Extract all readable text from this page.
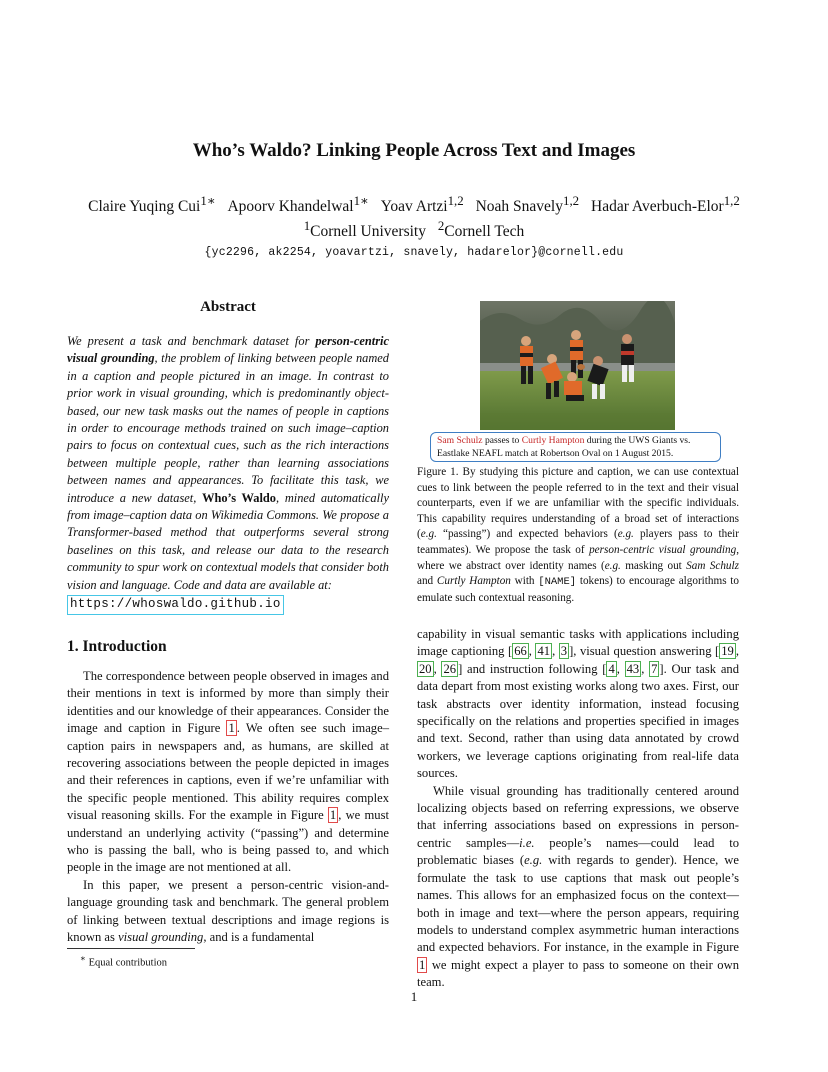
Who’s Waldo? Linking People Across Text and Images
Claire Yuqing Cui$^{1∗}$ Apoorv Khandelwal$^{1∗}$ Yoav Artzi$^{1,2}$ Noah Snavely$^{1,2}$ Hadar Averbuch-Elor$^{1,2}$
$^1$Cornell University $^2$Cornell Tech
{yc2296, ak2254, yoavartzi, snavely, hadarelor}@cornell.edu
Abstract
We present a task and benchmark dataset for person-centric visual grounding, the problem of linking between people named in a caption and people pictured in an image. In contrast to prior work in visual grounding, which is predominantly object-based, our new task masks out the names of people in captions in order to encourage methods trained on such image–caption pairs to focus on contextual cues, such as the rich interactions between multiple people, rather than learning associations between names and appearances. To facilitate this task, we introduce a new dataset, Who’s Waldo, mined automatically from image–caption data on Wikimedia Commons. We propose a Transformer-based method that outperforms several strong baselines on this task, and release our data to the research community to spur work on contextual models that consider both vision and language. Code and data are available at:
https://whoswaldo.github.io
1. Introduction

The correspondence between people observed in images and their mentions in text is informed by more than simply their identities and our knowledge of their appearances. Consider the image and caption in Figure 1 . We often see such image–caption pairs in newspapers and, as humans, are skilled at recovering associations between the people depicted in images and their references in captions, even if we’re unfamiliar with the specific people mentioned. This ability requires complex visual reasoning skills. For the example in Figure 1 , we must understand an underlying activity (“passing”) and determine who is passing the ball, who is being passed to, and which people in the image are not mentioned at all.

In this paper, we present a person-centric vision-and-language grounding task and benchmark. The general problem of linking between textual descriptions and image regions is known as visual grounding, and is a fundamental

∗ Equal contribution
Sam Schulz passes to Curtly Hampton during the UWS Giants vs. Eastlake NEAFL match at Robertson Oval on 1 August 2015.
Figure 1. By studying this picture and caption, we can use contextual cues to link between the people referred to in the text and their visual counterparts, even if we are unfamiliar with the specific individuals. This capability requires understanding of a broad set of interactions (e.g. “passing”) and expected behaviors (e.g. players pass to their teammates). We propose the task of person-centric visual grounding, where we abstract over identity names (e.g. masking out Sam Schulz and Curtly Hampton with [NAME] tokens) to encourage algorithms to emulate such contextual reasoning.

capability in visual semantic tasks with applications including image captioning [ 66 , 41 , 3 ], visual question answering [ 19 , 20 , 26 ] and instruction following [ 4 , 43 , 7 ]. Our task and data depart from most existing works along two axes. First, our task abstracts over identity information, instead focusing specifically on the relations and properties specified in images and text. Second, rather than using data annotated by crowd workers, we leverage captions originating from real-life data sources.

While visual grounding has traditionally centered around localizing objects based on referring expressions, we observe that inferring associations based on expressions in person-centric samples—i.e. people’s names—could lead to problematic biases (e.g. with regards to gender). Hence, we formulate the task to use captions that mask out people’s names. This allows for an emphasized focus on the context—both in image and text—where the person appears, requiring models to understand complex asymmetric human interactions and expected behaviors. For instance, in the example in Figure 1 we might expect a player to pass to someone on their own team.

1
